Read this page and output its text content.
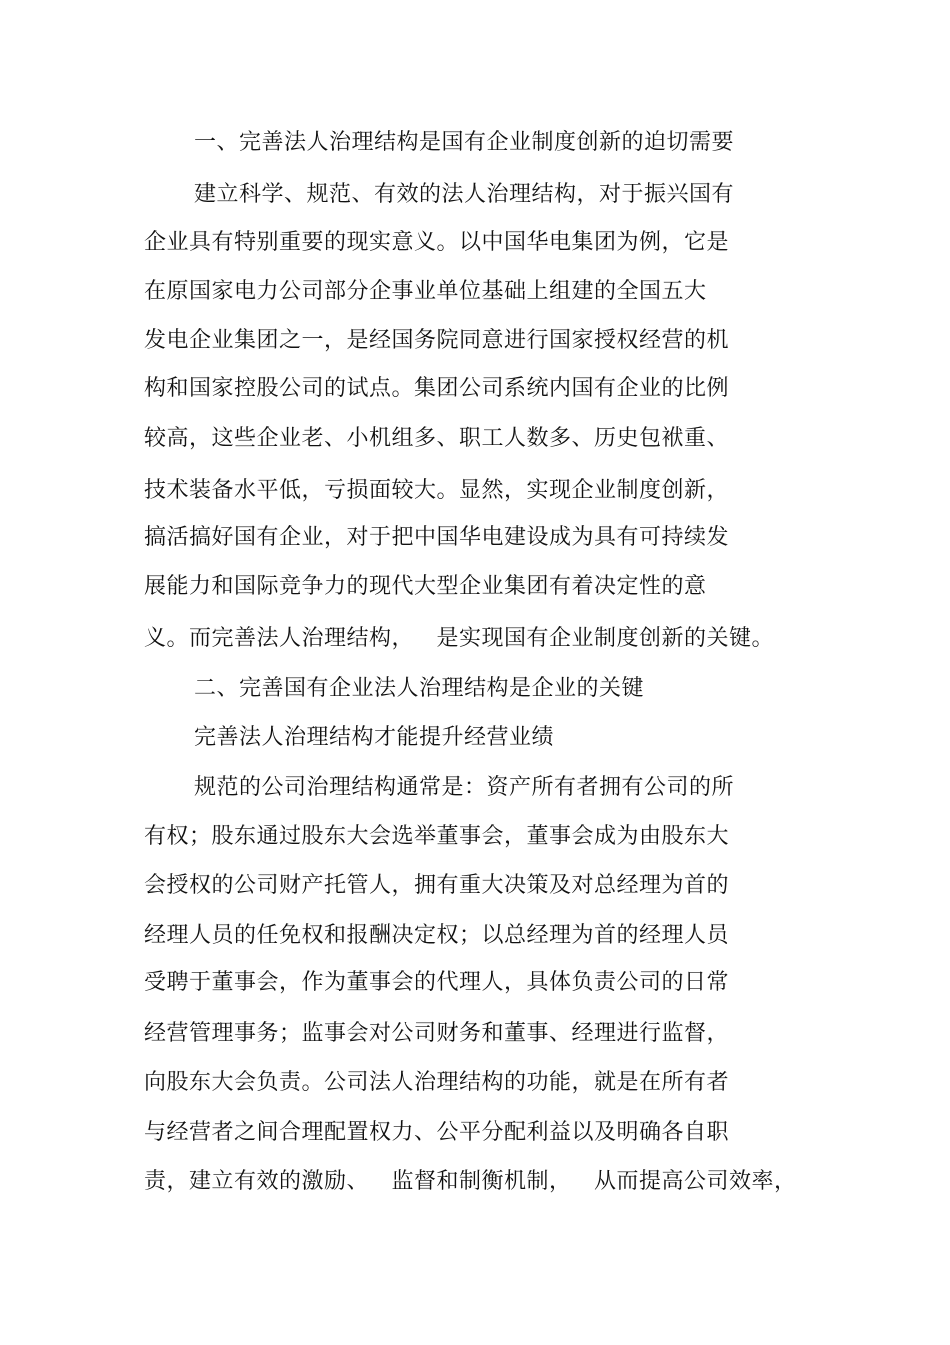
一、完善法人治理结构是国有企业制度创新的迫切需要
建立科学、规范、有效的法人治理结构，对于振兴国有
企业具有特别重要的现实意义。以中国华电集团为例，它是
在原国家电力公司部分企事业单位基础上组建的全国五大
发电企业集团之一，是经国务院同意进行国家授权经营的机
构和国家控股公司的试点。集团公司系统内国有企业的比例
较高，这些企业老、小机组多、职工人数多、历史包袱重、
技术装备水平低，亏损面较大。显然，实现企业制度创新，
搞活搞好国有企业，对于把中国华电建设成为具有可持续发
展能力和国际竞争力的现代大型企业集团有着决定性的意
义。而完善法人治理结构，   是实现国有企业制度创新的关键。
二、完善国有企业法人治理结构是企业的关键
完善法人治理结构才能提升经营业绩
规范的公司治理结构通常是：资产所有者拥有公司的所
有权；股东通过股东大会选举董事会，董事会成为由股东大
会授权的公司财产托管人，拥有重大决策及对总经理为首的
经理人员的任免权和报酬决定权；以总经理为首的经理人员
受聘于董事会，作为董事会的代理人，具体负责公司的日常
经营管理事务；监事会对公司财务和董事、经理进行监督，
向股东大会负责。公司法人治理结构的功能，就是在所有者
与经营者之间合理配置权力、公平分配利益以及明确各自职
责，建立有效的激励、   监督和制衡机制，   从而提高公司效率，
